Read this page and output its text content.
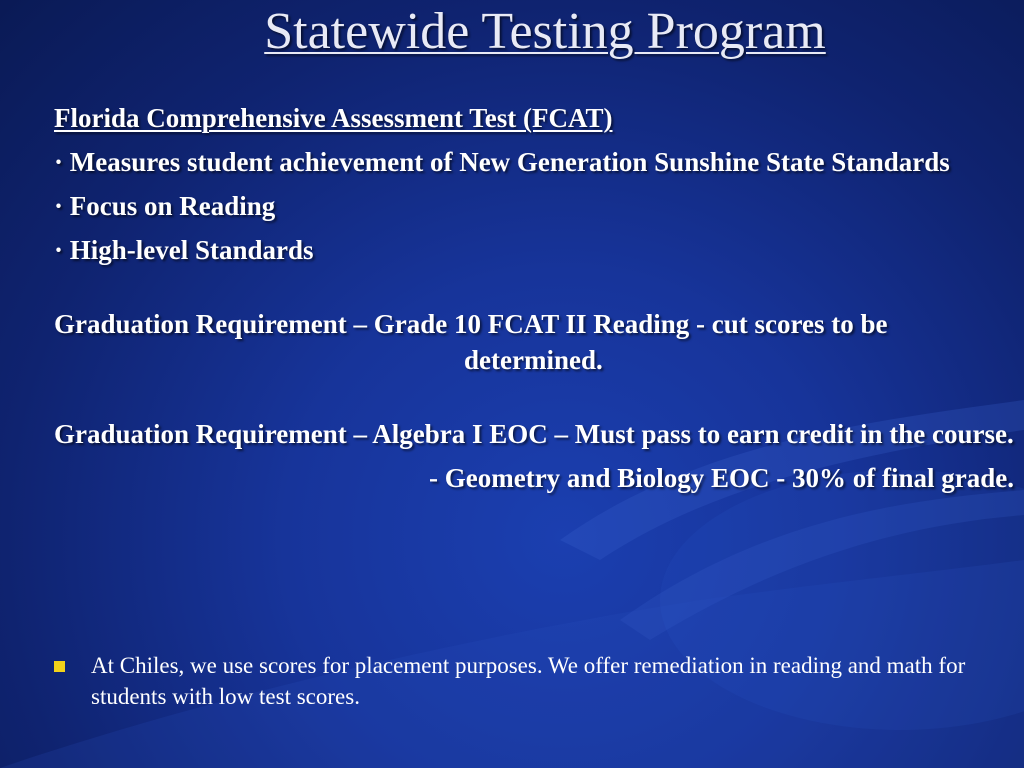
Statewide Testing Program
Florida Comprehensive Assessment Test (FCAT)
· Measures student achievement of New Generation Sunshine State Standards
· Focus on Reading
· High-level Standards
Graduation Requirement – Grade 10 FCAT II Reading - cut scores to be determined.
Graduation Requirement – Algebra I EOC – Must pass to earn credit in the course.
- Geometry and Biology EOC - 30% of final grade.
At Chiles, we use scores for placement purposes. We offer remediation in reading and math for students with low test scores.
